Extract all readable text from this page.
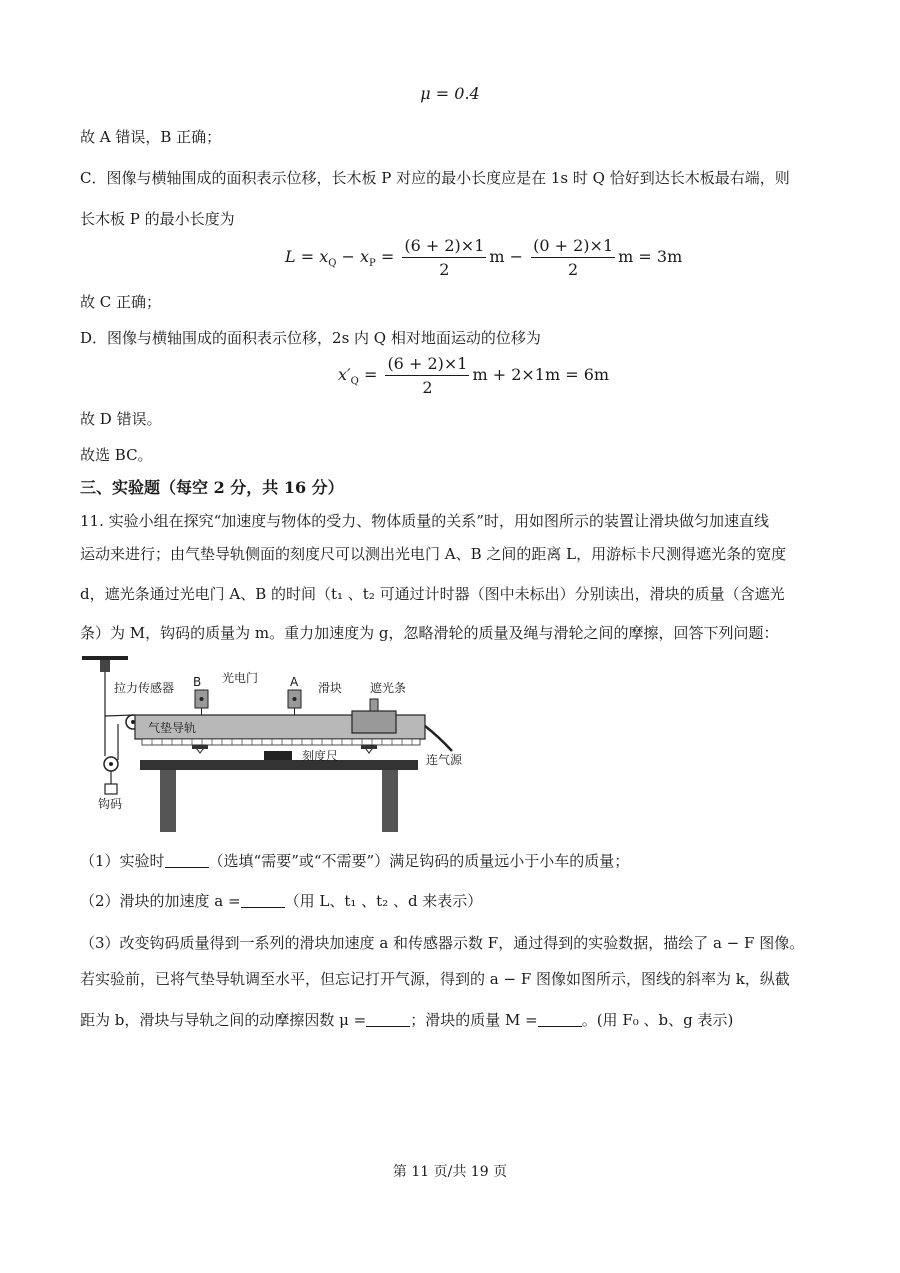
μ = 0.4
故 A 错误，B 正确；
C．图像与横轴围成的面积表示位移，长木板 P 对应的最小长度应是在 1s 时 Q 恰好到达长木板最右端，则
长木板 P 的最小长度为
$L = x_Q - x_P = \frac{(6 + 2)\times 1}{2}$ $m - \frac{(0 + 2)\times 1}{2}$ m = 3m
故 C 正确；
D．图像与横轴围成的面积表示位移，2s 内 Q 相对地面运动的位移为
$x'_Q = \frac{(6 + 2)\times 1}{2}$ m + 2×1m = 6m
故 D 错误。
故选 BC。
三、实验题（每空 2 分，共 16 分）
11. 实验小组在探究“加速度与物体的受力、物体质量的关系”时，用如图所示的装置让滑块做匀加速直线
运动来进行；由气垫导轨侧面的刻度尺可以测出光电门 A、B 之间的距离 L，用游标卡尺测得遮光条的宽度
d，遮光条通过光电门 A、B 的时间（t₁ 、t₂ 可通过计时器（图中未标出）分别读出，滑块的质量（含遮光
条）为 M，钩码的质量为 m。重力加速度为 g，忽略滑轮的质量及绳与滑轮之间的摩擦，回答下列问题：
拉力传感器 B 光电门	A 滑块 遮光条
气垫导轨
刻度尺	连气源
钩码
（1）实验时	（选填“需要”或“不需要”）满足钩码的质量远小于小车的质量；
（2）滑块的加速度 a =	（用 L、t₁ 、t₂ 、d 来表示）
（3）改变钩码质量得到一系列的滑块加速度 a 和传感器示数 F，通过得到的实验数据，描绘了 a − F 图像。
若实验前，已将气垫导轨调至水平，但忘记打开气源，得到的 a − F 图像如图所示，图线的斜率为 k，纵截
距为 b，滑块与导轨之间的动摩擦因数 μ =	；滑块的质量 M =	。(用 F₀ 、b、g 表示)
第 11 页/共 19 页
